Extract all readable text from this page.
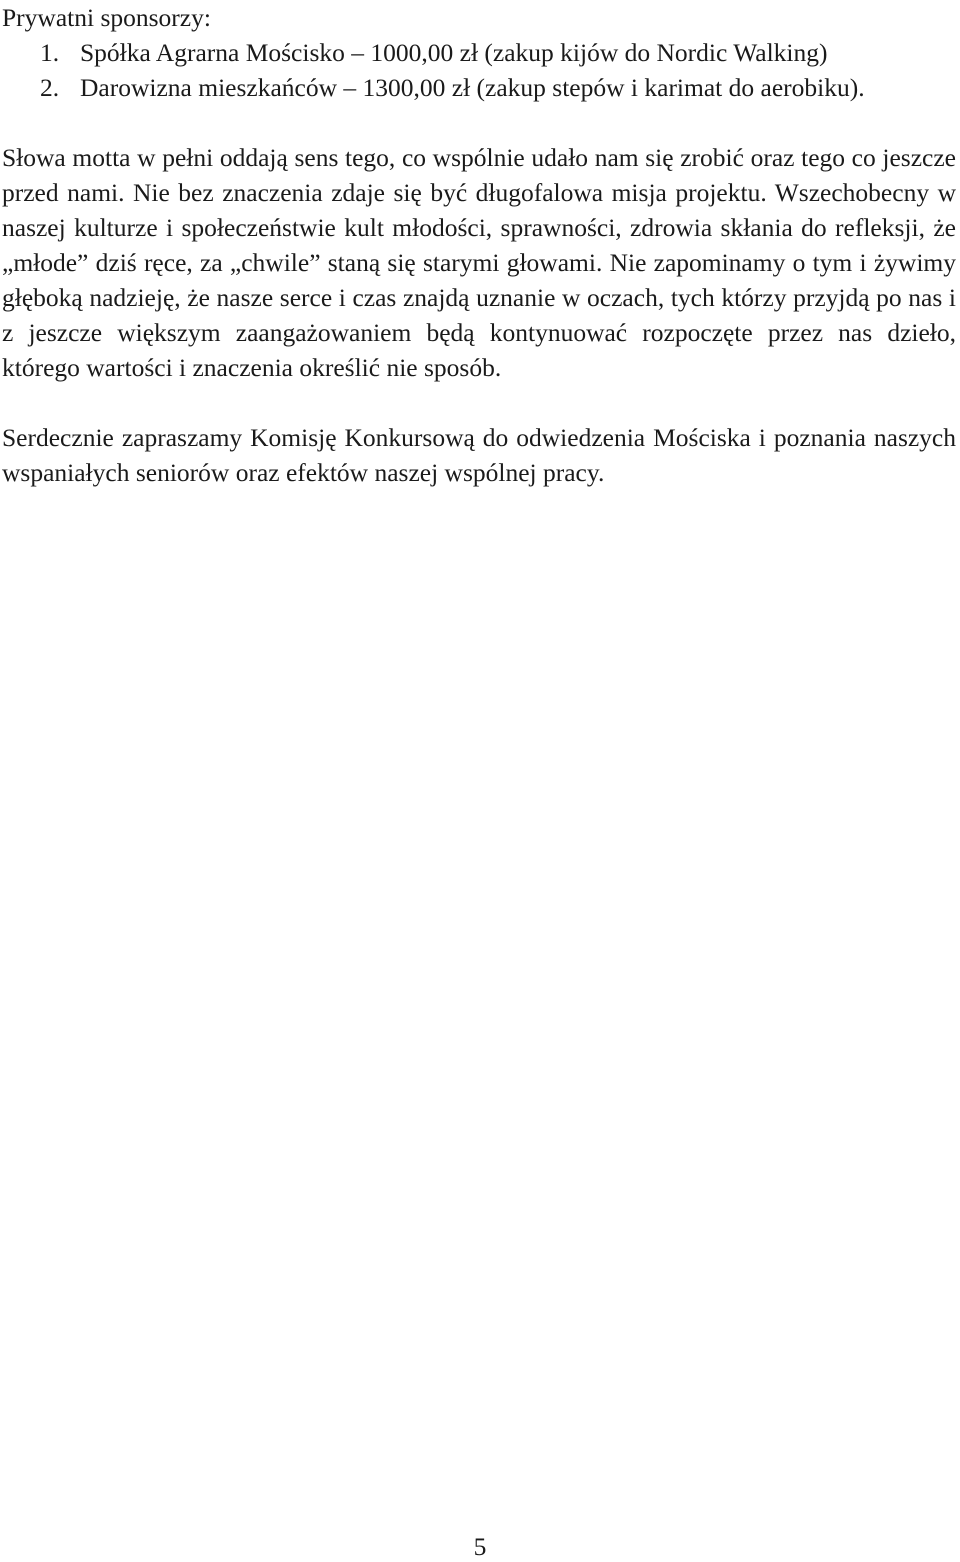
Prywatni sponsorzy:

1. Spółka Agrarna Mościsko – 1000,00 zł (zakup kijów do Nordic Walking)
2. Darowizna mieszkańców – 1300,00 zł (zakup stepów i karimat do aerobiku).

Słowa motta w pełni oddają sens tego, co wspólnie udało nam się zrobić oraz tego co jeszcze przed nami. Nie bez znaczenia zdaje się być długofalowa misja projektu. Wszechobecny w naszej kulturze i społeczeństwie kult młodości, sprawności, zdrowia skłania do refleksji, że „młode” dziś ręce, za „chwile” staną się starymi głowami. Nie zapominamy o tym i żywimy głęboką nadzieję, że nasze serce i czas znajdą uznanie w oczach, tych którzy przyjdą po nas i z jeszcze większym zaangażowaniem będą kontynuować rozpoczęte przez nas dzieło, którego wartości i znaczenia określić nie sposób.

Serdecznie zapraszamy Komisję Konkursową do odwiedzenia Mościska i poznania naszych wspaniałych seniorów oraz efektów naszej wspólnej pracy.

5
